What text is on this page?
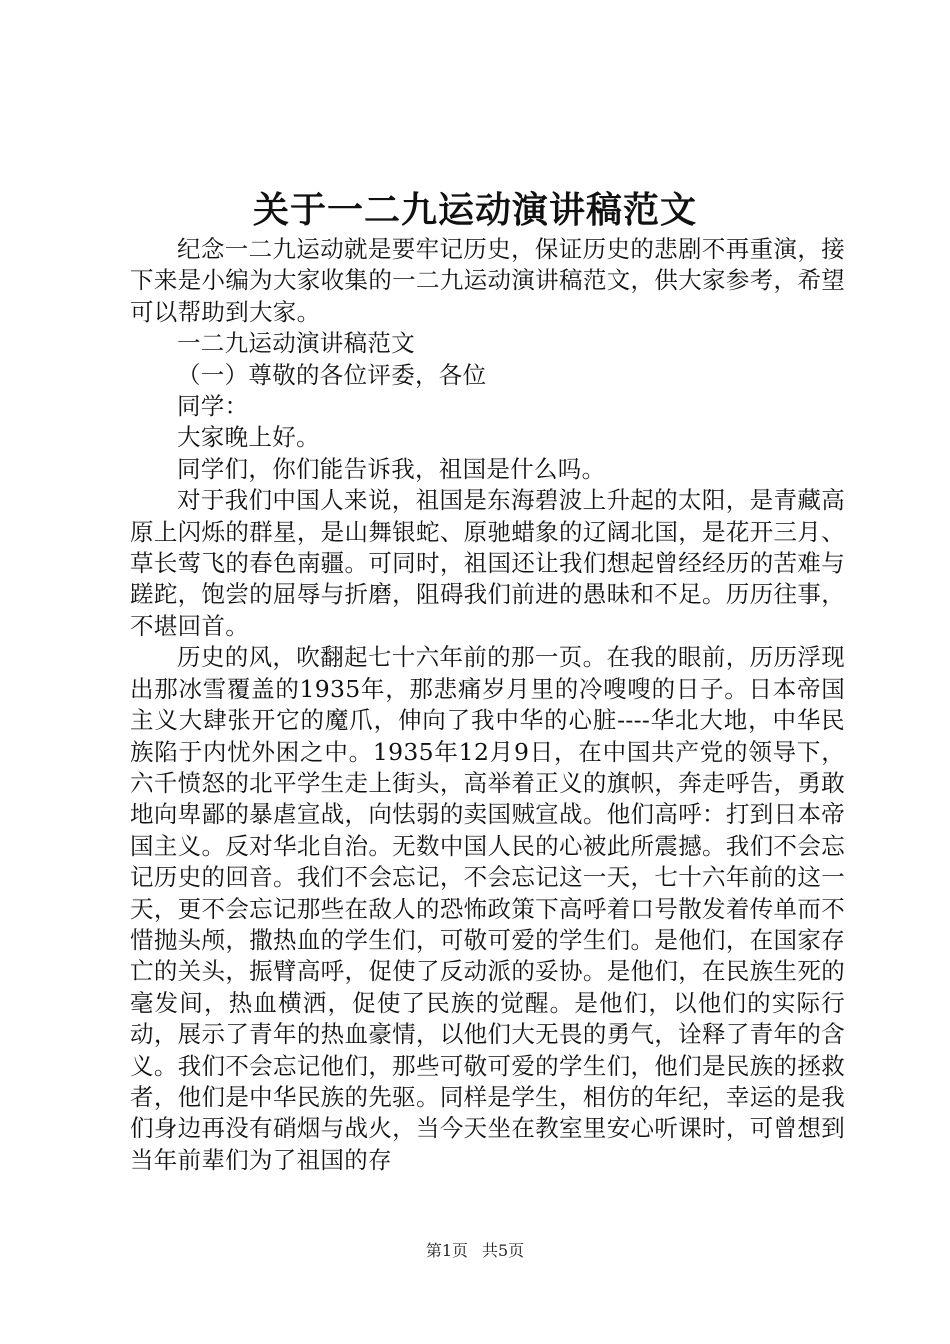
关于一二九运动演讲稿范文

纪念一二九运动就是要牢记历史，保证历史的悲剧不再重演，接下来是小编为大家收集的一二九运动演讲稿范文，供大家参考，希望可以帮助到大家。

一二九运动演讲稿范文

（一）尊敬的各位评委，各位

同学：

大家晚上好。

同学们，你们能告诉我，祖国是什么吗。

对于我们中国人来说，祖国是东海碧波上升起的太阳，是青藏高原上闪烁的群星，是山舞银蛇、原驰蜡象的辽阔北国，是花开三月、草长莺飞的春色南疆。可同时，祖国还让我们想起曾经经历的苦难与蹉跎，饱尝的屈辱与折磨，阻碍我们前进的愚昧和不足。历历往事，不堪回首。

历史的风，吹翻起七十六年前的那一页。在我的眼前，历历浮现出那冰雪覆盖的1935年，那悲痛岁月里的冷嗖嗖的日子。日本帝国主义大肆张开它的魔爪，伸向了我中华的心脏----华北大地，中华民族陷于内忧外困之中。1935年12月9日，在中国共产党的领导下，六千愤怒的北平学生走上街头，高举着正义的旗帜，奔走呼告，勇敢地向卑鄙的暴虐宣战，向怯弱的卖国贼宣战。他们高呼：打到日本帝国主义。反对华北自治。无数中国人民的心被此所震撼。我们不会忘记历史的回音。我们不会忘记，不会忘记这一天，七十六年前的这一天，更不会忘记那些在敌人的恐怖政策下高呼着口号散发着传单而不惜抛头颅，撒热血的学生们，可敬可爱的学生们。是他们，在国家存亡的关头，振臂高呼，促使了反动派的妥协。是他们，在民族生死的毫发间，热血横洒，促使了民族的觉醒。是他们，以他们的实际行动，展示了青年的热血豪情，以他们大无畏的勇气，诠释了青年的含义。我们不会忘记他们，那些可敬可爱的学生们，他们是民族的拯救者，他们是中华民族的先驱。同样是学生，相仿的年纪，幸运的是我们身边再没有硝烟与战火，当今天坐在教室里安心听课时，可曾想到当年前辈们为了祖国的存

第1页 共5页
